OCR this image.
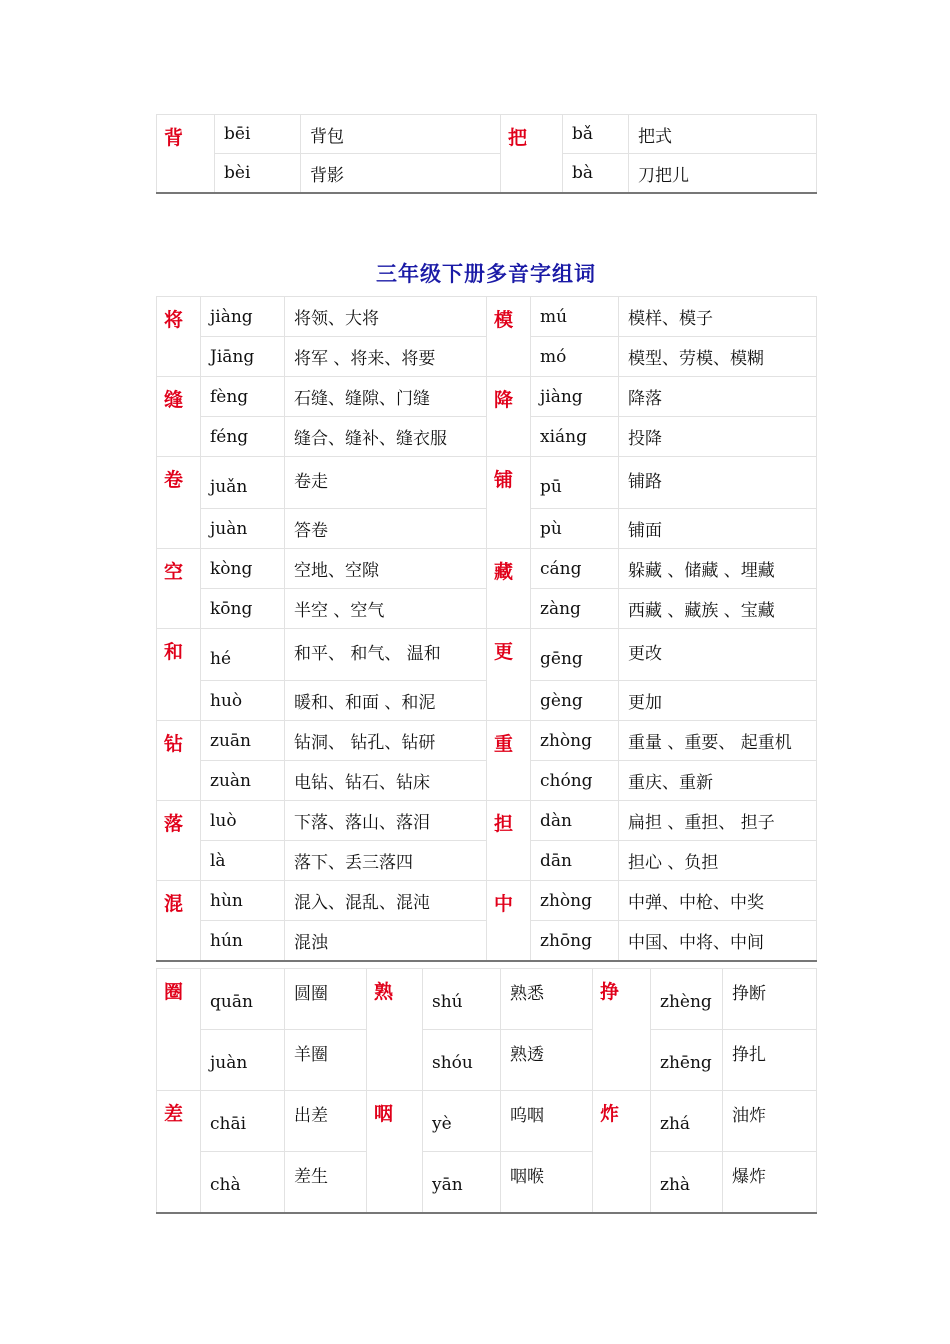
背	bēi	背包	把	bǎ	把式
	bèi	背影		bà	刀把儿
三年级下册多音字组词
将	jiàng	将领、大将	模	mú	模样、模子
	Jiāng	将军 、将来、将要		mó	模型、劳模、模糊
缝	fèng	石缝、缝隙、门缝	降	jiàng	降落
	féng	缝合、缝补、缝衣服		xiáng	投降
卷	juǎn	卷走	铺	pū	铺路
	juàn	答卷		pù	铺面
空	kòng	空地、空隙	藏	cáng	躲藏 、储藏 、埋藏
	kōng	半空 、空气		zàng	西藏 、藏族 、宝藏
和	hé	和平、 和气、 温和	更	gēng	更改
	huò	暖和、和面 、和泥		gèng	更加
钻	zuān	钻洞、 钻孔、钻研	重	zhòng	重量 、重要、 起重机
	zuàn	电钻、钻石、钻床		chóng	重庆、重新
落	luò	下落、落山、落泪	担	dàn	扁担 、重担、 担子
	là	落下、丢三落四		dān	担心 、负担
混	hùn	混入、混乱、混沌	中	zhòng	中弹、中枪、中奖
	hún	混浊		zhōng	中国、中将、中间
圈	quān	圆圈	熟	shú	熟悉	挣	zhèng	挣断
	juàn	羊圈		shóu	熟透		zhēng	挣扎
差	chāi	出差	咽	yè	呜咽	炸	zhá	油炸
	chà	差生		yān	咽喉		zhà	爆炸
